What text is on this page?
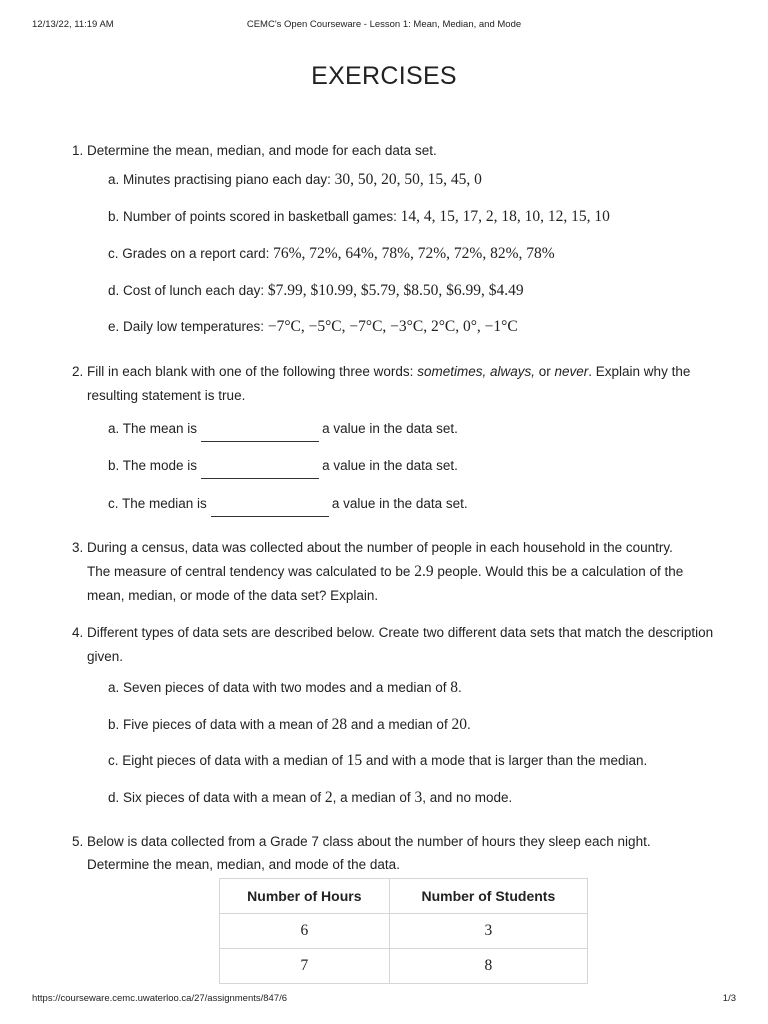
12/13/22, 11:19 AM	CEMC's Open Courseware - Lesson 1: Mean, Median, and Mode
EXERCISES
1. Determine the mean, median, and mode for each data set.
a. Minutes practising piano each day: 30, 50, 20, 50, 15, 45, 0
b. Number of points scored in basketball games: 14, 4, 15, 17, 2, 18, 10, 12, 15, 10
c. Grades on a report card: 76%, 72%, 64%, 78%, 72%, 72%, 82%, 78%
d. Cost of lunch each day: $7.99, $10.99, $5.79, $8.50, $6.99, $4.49
e. Daily low temperatures: −7°C, −5°C, −7°C, −3°C, 2°C, 0°, −1°C
2. Fill in each blank with one of the following three words: sometimes, always, or never. Explain why the
resulting statement is true.
a. The mean is	a value in the data set.
b. The mode is	a value in the data set.
c. The median is	a value in the data set.
3. During a census, data was collected about the number of people in each household in the country.
The measure of central tendency was calculated to be 2.9 people. Would this be a calculation of the
mean, median, or mode of the data set? Explain.
4. Different types of data sets are described below. Create two different data sets that match the description
given.
a. Seven pieces of data with two modes and a median of 8.
b. Five pieces of data with a mean of 28 and a median of 20.
c. Eight pieces of data with a median of 15 and with a mode that is larger than the median.
d. Six pieces of data with a mean of 2, a median of 3, and no mode.
5. Below is data collected from a Grade 7 class about the number of hours they sleep each night.
Determine the mean, median, and mode of the data.
Number of Hours	Number of Students
6	3
7	8
https://courseware.cemc.uwaterloo.ca/27/assignments/847/6	1/3
